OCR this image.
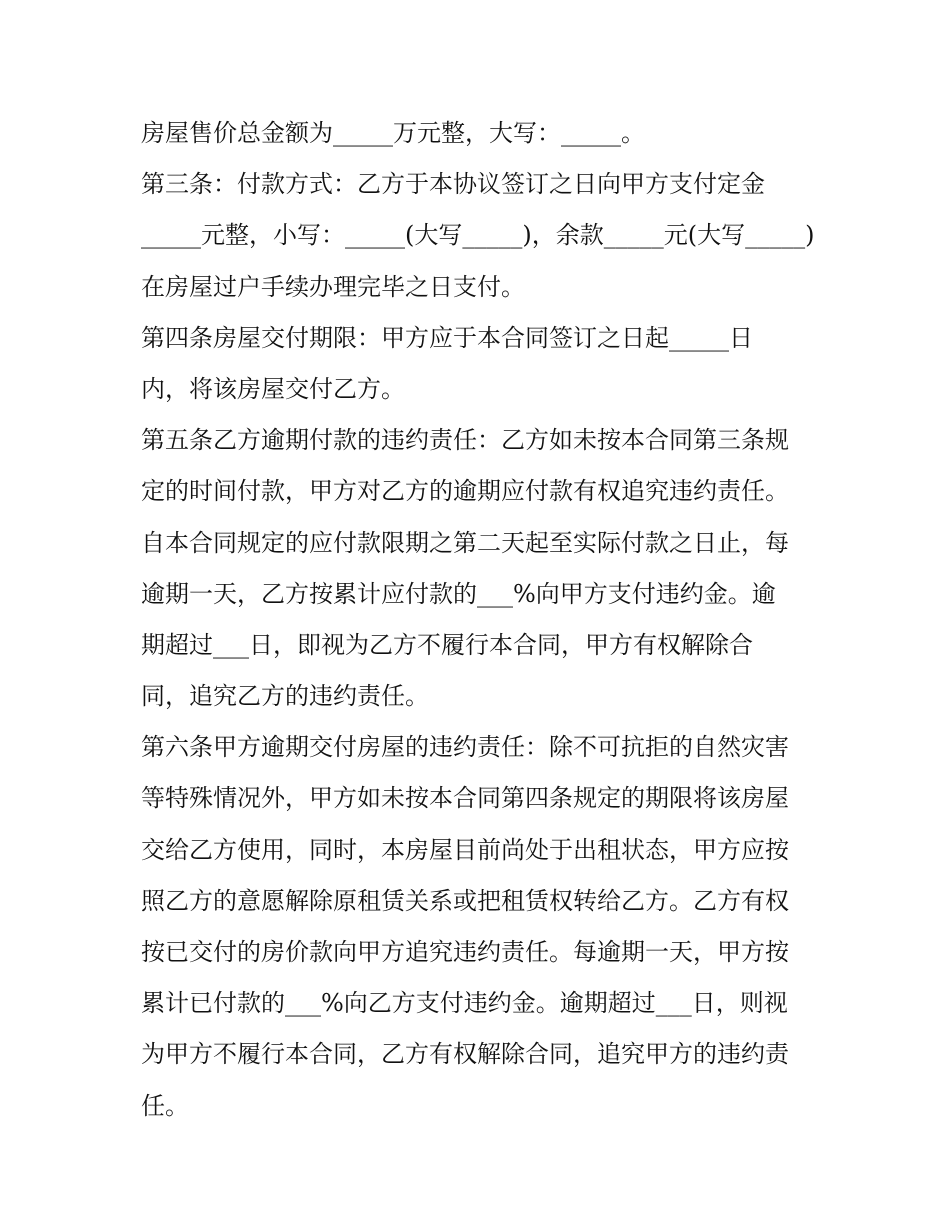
房屋售价总金额为_____万元整，大写：_____。
第三条：付款方式：乙方于本协议签订之日向甲方支付定金
_____元整，小写：_____(大写_____)，余款_____元(大写_____)
在房屋过户手续办理完毕之日支付。
第四条房屋交付期限：甲方应于本合同签订之日起_____日
内，将该房屋交付乙方。
第五条乙方逾期付款的违约责任：乙方如未按本合同第三条规
定的时间付款，甲方对乙方的逾期应付款有权追究违约责任。
自本合同规定的应付款限期之第二天起至实际付款之日止，每
逾期一天，乙方按累计应付款的___%向甲方支付违约金。逾
期超过___日，即视为乙方不履行本合同，甲方有权解除合
同，追究乙方的违约责任。
第六条甲方逾期交付房屋的违约责任：除不可抗拒的自然灾害
等特殊情况外，甲方如未按本合同第四条规定的期限将该房屋
交给乙方使用，同时，本房屋目前尚处于出租状态，甲方应按
照乙方的意愿解除原租赁关系或把租赁权转给乙方。乙方有权
按已交付的房价款向甲方追究违约责任。每逾期一天，甲方按
累计已付款的___%向乙方支付违约金。逾期超过___日，则视
为甲方不履行本合同，乙方有权解除合同，追究甲方的违约责
任。
